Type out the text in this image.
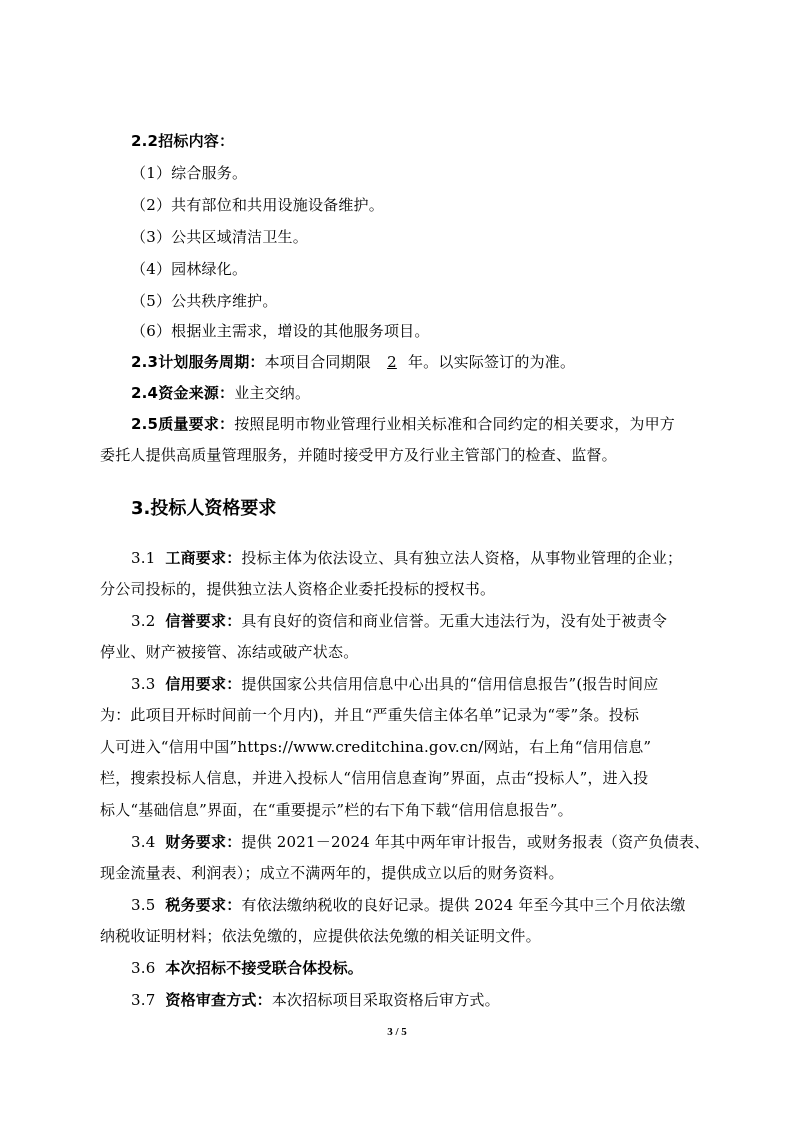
2.2招标内容：
（1）综合服务。
（2）共有部位和共用设施设备维护。
（3）公共区域清洁卫生。
（4）园林绿化。
（5）公共秩序维护。
（6）根据业主需求，增设的其他服务项目。
2.3计划服务周期：本项目合同期限 2 年。以实际签订的为准。
2.4资金来源：业主交纳。
2.5质量要求：按照昆明市物业管理行业相关标准和合同约定的相关要求，为甲方
委托人提供高质量管理服务，并随时接受甲方及行业主管部门的检查、监督。
3.投标人资格要求
3.1 工商要求：投标主体为依法设立、具有独立法人资格，从事物业管理的企业；
分公司投标的，提供独立法人资格企业委托投标的授权书。
3.2 信誉要求：具有良好的资信和商业信誉。无重大违法行为，没有处于被责令
停业、财产被接管、冻结或破产状态。
3.3 信用要求：提供国家公共信用信息中心出具的“信用信息报告”(报告时间应
为：此项目开标时间前一个月内)，并且“严重失信主体名单”记录为“零”条。投标
人可进入“信用中国”https://www.creditchina.gov.cn/网站，右上角“信用信息”
栏，搜索投标人信息，并进入投标人“信用信息查询”界面，点击“投标人”，进入投
标人“基础信息”界面，在“重要提示”栏的右下角下载“信用信息报告”。
3.4 财务要求：提供 2021－2024 年其中两年审计报告，或财务报表（资产负债表、
现金流量表、利润表）；成立不满两年的，提供成立以后的财务资料。
3.5 税务要求：有依法缴纳税收的良好记录。提供 2024 年至今其中三个月依法缴
纳税收证明材料；依法免缴的，应提供依法免缴的相关证明文件。
3.6 本次招标不接受联合体投标。
3.7 资格审查方式：本次招标项目采取资格后审方式。
3 / 5
